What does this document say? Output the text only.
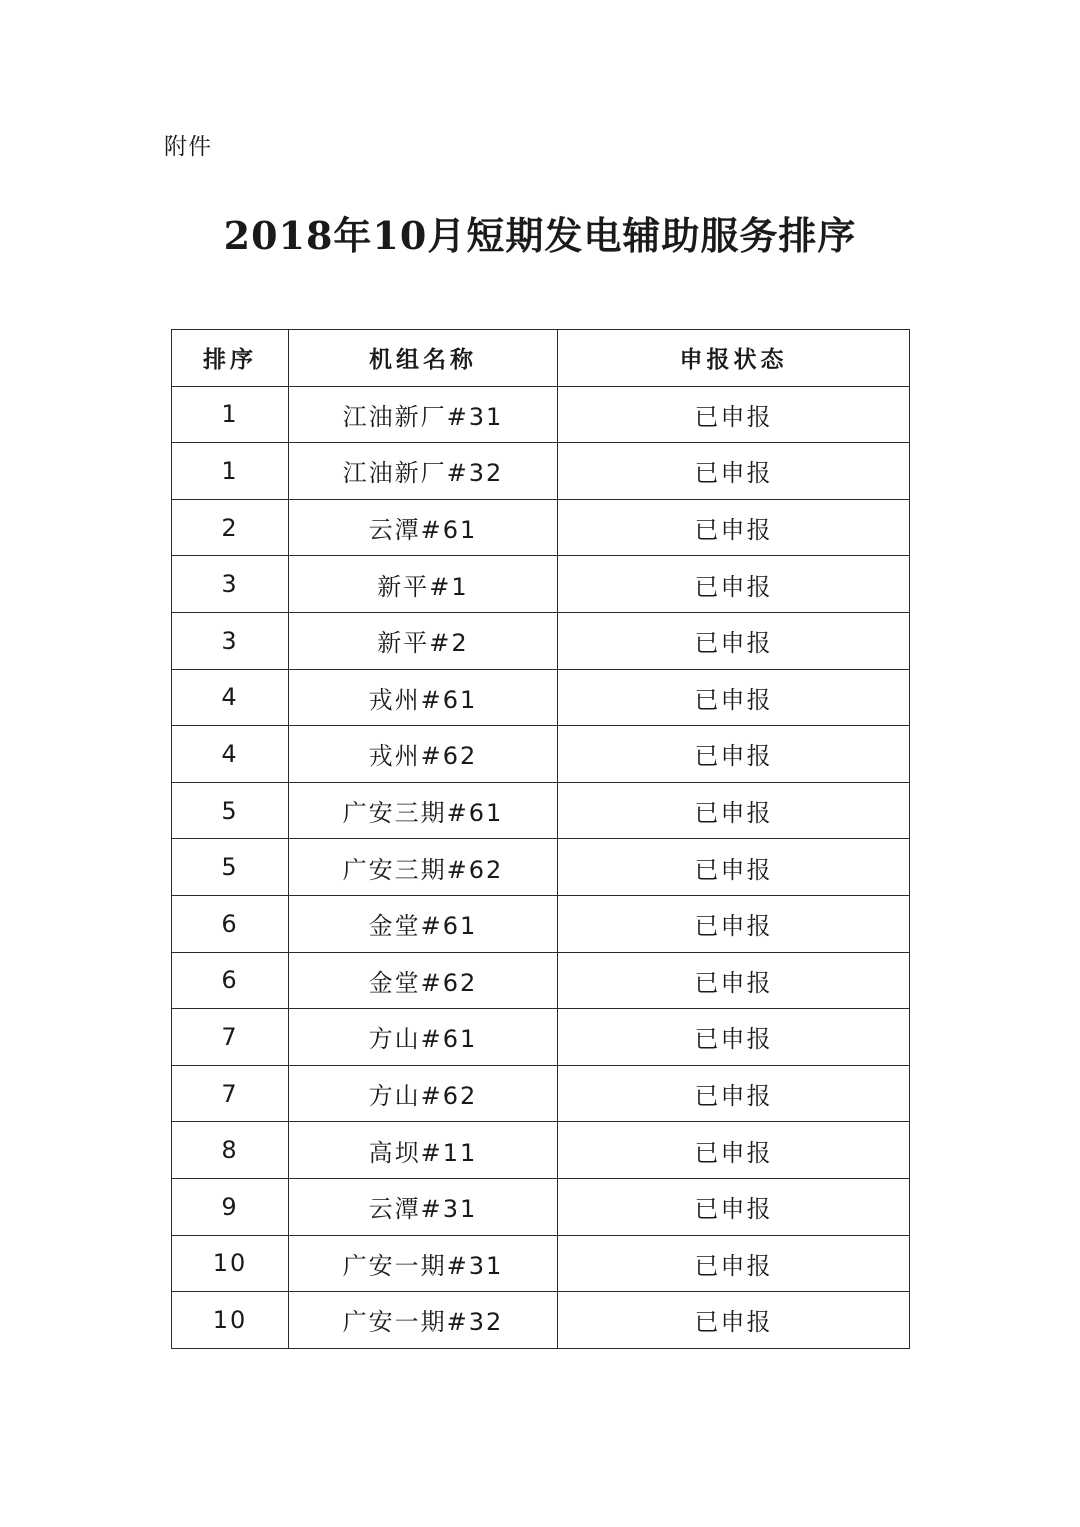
附件
2018年10月短期发电辅助服务排序
排序	机组名称	申报状态
1	江油新厂#31	已申报
1	江油新厂#32	已申报
2	云潭#61	已申报
3	新平#1	已申报
3	新平#2	已申报
4	戎州#61	已申报
4	戎州#62	已申报
5	广安三期#61	已申报
5	广安三期#62	已申报
6	金堂#61	已申报
6	金堂#62	已申报
7	方山#61	已申报
7	方山#62	已申报
8	高坝#11	已申报
9	云潭#31	已申报
10	广安一期#31	已申报
10	广安一期#32	已申报
